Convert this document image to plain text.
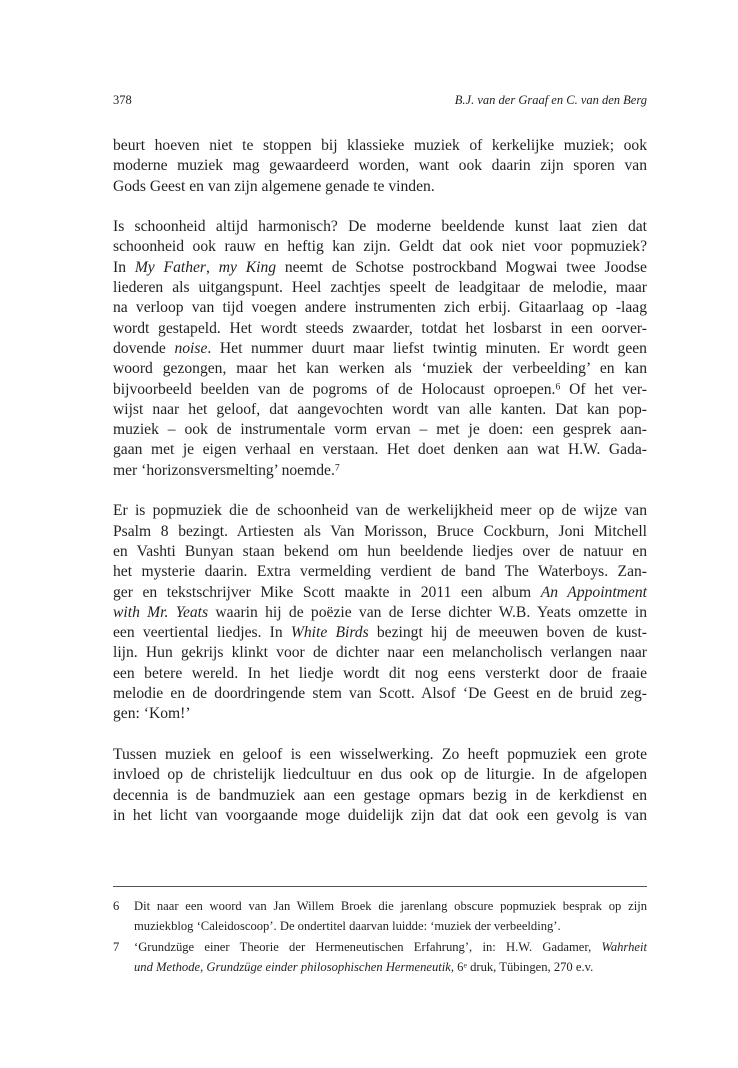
378	B.J. van der Graaf en C. van den Berg
beurt hoeven niet te stoppen bij klassieke muziek of kerkelijke muziek; ook
moderne muziek mag gewaardeerd worden, want ook daarin zijn sporen van
Gods Geest en van zijn algemene genade te vinden.
Is schoonheid altijd harmonisch? De moderne beeldende kunst laat zien dat
schoonheid ook rauw en heftig kan zijn. Geldt dat ook niet voor popmuziek?
In My Father, my King neemt de Schotse postrockband Mogwai twee Joodse
liederen als uitgangspunt. Heel zachtjes speelt de leadgitaar de melodie, maar
na verloop van tijd voegen andere instrumenten zich erbij. Gitaarlaag op -laag
wordt gestapeld. Het wordt steeds zwaarder, totdat het losbarst in een oorver-
dovende noise. Het nummer duurt maar liefst twintig minuten. Er wordt geen
woord gezongen, maar het kan werken als ‘muziek der verbeelding’ en kan
bijvoorbeeld beelden van de pogroms of de Holocaust oproepen.$^6$ Of het ver-
wijst naar het geloof, dat aangevochten wordt van alle kanten. Dat kan pop-
muziek – ook de instrumentale vorm ervan – met je doen: een gesprek aan-
gaan met je eigen verhaal en verstaan. Het doet denken aan wat H.W. Gada-
mer ‘horizonsversmelting’ noemde.$^7$
Er is popmuziek die de schoonheid van de werkelijkheid meer op de wijze van
Psalm 8 bezingt. Artiesten als Van Morisson, Bruce Cockburn, Joni Mitchell
en Vashti Bunyan staan bekend om hun beeldende liedjes over de natuur en
het mysterie daarin. Extra vermelding verdient de band The Waterboys. Zan-
ger en tekstschrijver Mike Scott maakte in 2011 een album An Appointment
with Mr. Yeats waarin hij de poëzie van de Ierse dichter W.B. Yeats omzette in
een veertiental liedjes. In White Birds bezingt hij de meeuwen boven de kust-
lijn. Hun gekrijs klinkt voor de dichter naar een melancholisch verlangen naar
een betere wereld. In het liedje wordt dit nog eens versterkt door de fraaie
melodie en de doordringende stem van Scott. Alsof ‘De Geest en de bruid zeg-
gen: ‘Kom!’
Tussen muziek en geloof is een wisselwerking. Zo heeft popmuziek een grote
invloed op de christelijk liedcultuur en dus ook op de liturgie. In de afgelopen
decennia is de bandmuziek aan een gestage opmars bezig in de kerkdienst en
in het licht van voorgaande moge duidelijk zijn dat dat ook een gevolg is van
6 Dit naar een woord van Jan Willem Broek die jarenlang obscure popmuziek besprak op zijn
muziekblog ‘Caleidoscoop’. De ondertitel daarvan luidde: ‘muziek der verbeelding’.
7 ‘Grundzüge einer Theorie der Hermeneutischen Erfahrung’, in: H.W. Gadamer, Wahrheit
und Methode, Grundzüge einder philosophischen Hermeneutik, 6e druk, Tübingen, 270 e.v.
